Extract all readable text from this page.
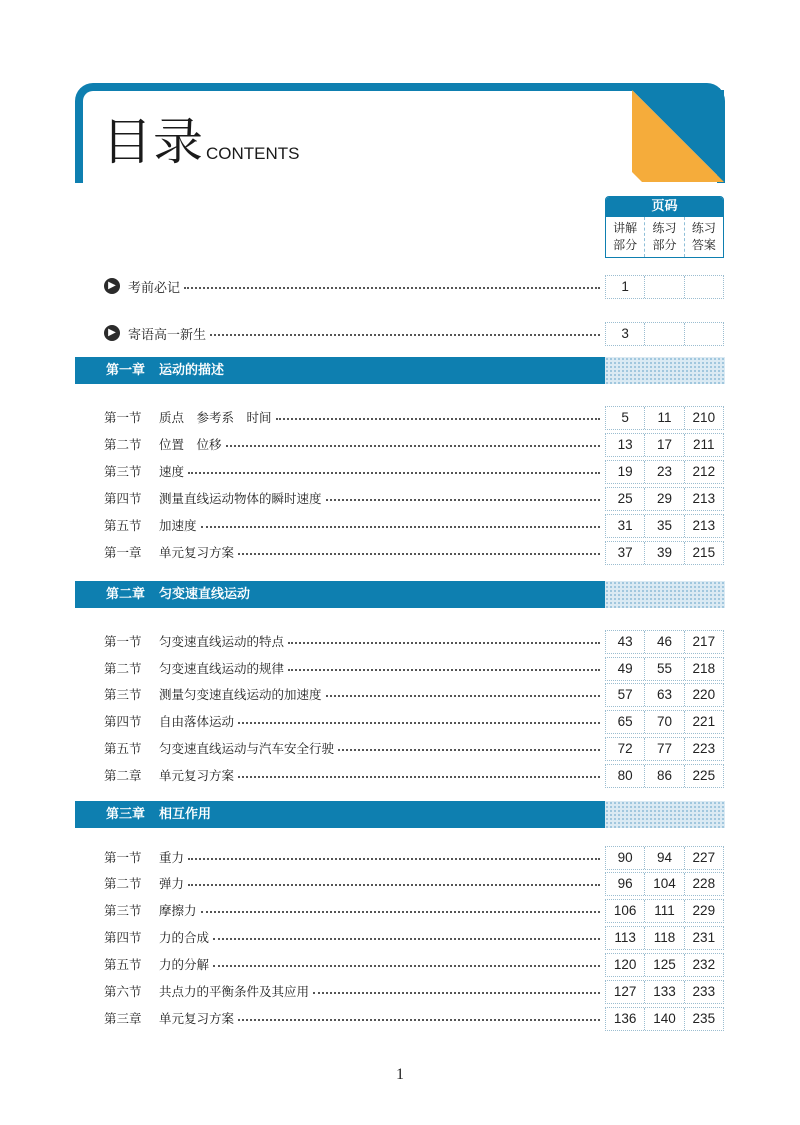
目录 CONTENTS
页码
讲解
部分
练习
部分
练习
答案
▶ 考前必记	1
▶ 寄语高一新生	3
第一章 运动的描述
第一节	质点　参考系　时间	5	11	210
第二节	位置　位移	13	17	211
第三节	速度	19	23	212
第四节	测量直线运动物体的瞬时速度	25	29	213
第五节	加速度	31	35	213
第一章	单元复习方案	37	39	215
第二章 匀变速直线运动
第一节	匀变速直线运动的特点	43	46	217
第二节	匀变速直线运动的规律	49	55	218
第三节	测量匀变速直线运动的加速度	57	63	220
第四节	自由落体运动	65	70	221
第五节	匀变速直线运动与汽车安全行驶	72	77	223
第二章	单元复习方案	80	86	225
第三章 相互作用
第一节	重力	90	94	227
第二节	弹力	96	104	228
第三节	摩擦力	106	111	229
第四节	力的合成	113	118	231
第五节	力的分解	120	125	232
第六节	共点力的平衡条件及其应用	127	133	233
第三章	单元复习方案	136	140	235
1
